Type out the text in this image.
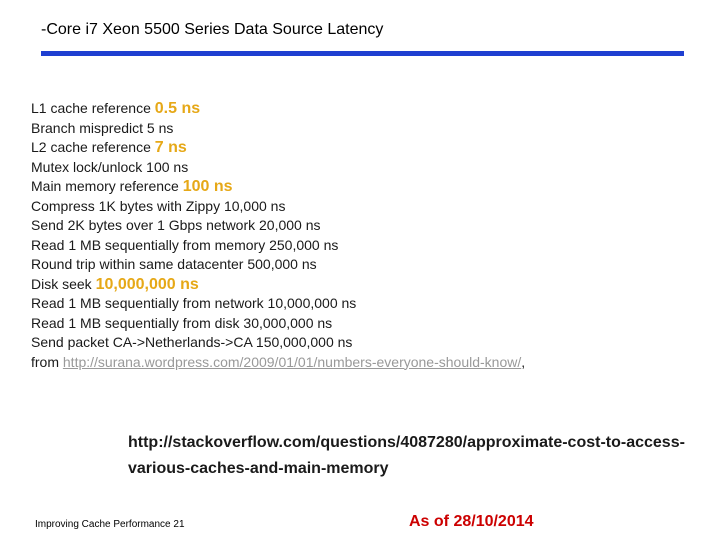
-Core i7 Xeon 5500 Series Data Source Latency
L1 cache reference 0.5 ns
Branch mispredict 5 ns
L2 cache reference 7 ns
Mutex lock/unlock 100 ns
Main memory reference 100 ns
Compress 1K bytes with Zippy 10,000 ns
Send 2K bytes over 1 Gbps network 20,000 ns
Read 1 MB sequentially from memory 250,000 ns
Round trip within same datacenter 500,000 ns
Disk seek 10,000,000 ns
Read 1 MB sequentially from network 10,000,000 ns
Read 1 MB sequentially from disk 30,000,000 ns
Send packet CA->Netherlands->CA 150,000,000 ns
from http://surana.wordpress.com/2009/01/01/numbers-everyone-should-know/,
http://stackoverflow.com/questions/4087280/approximate-cost-to-access-various-caches-and-main-memory
Improving Cache Performance 21	As of 28/10/2014
